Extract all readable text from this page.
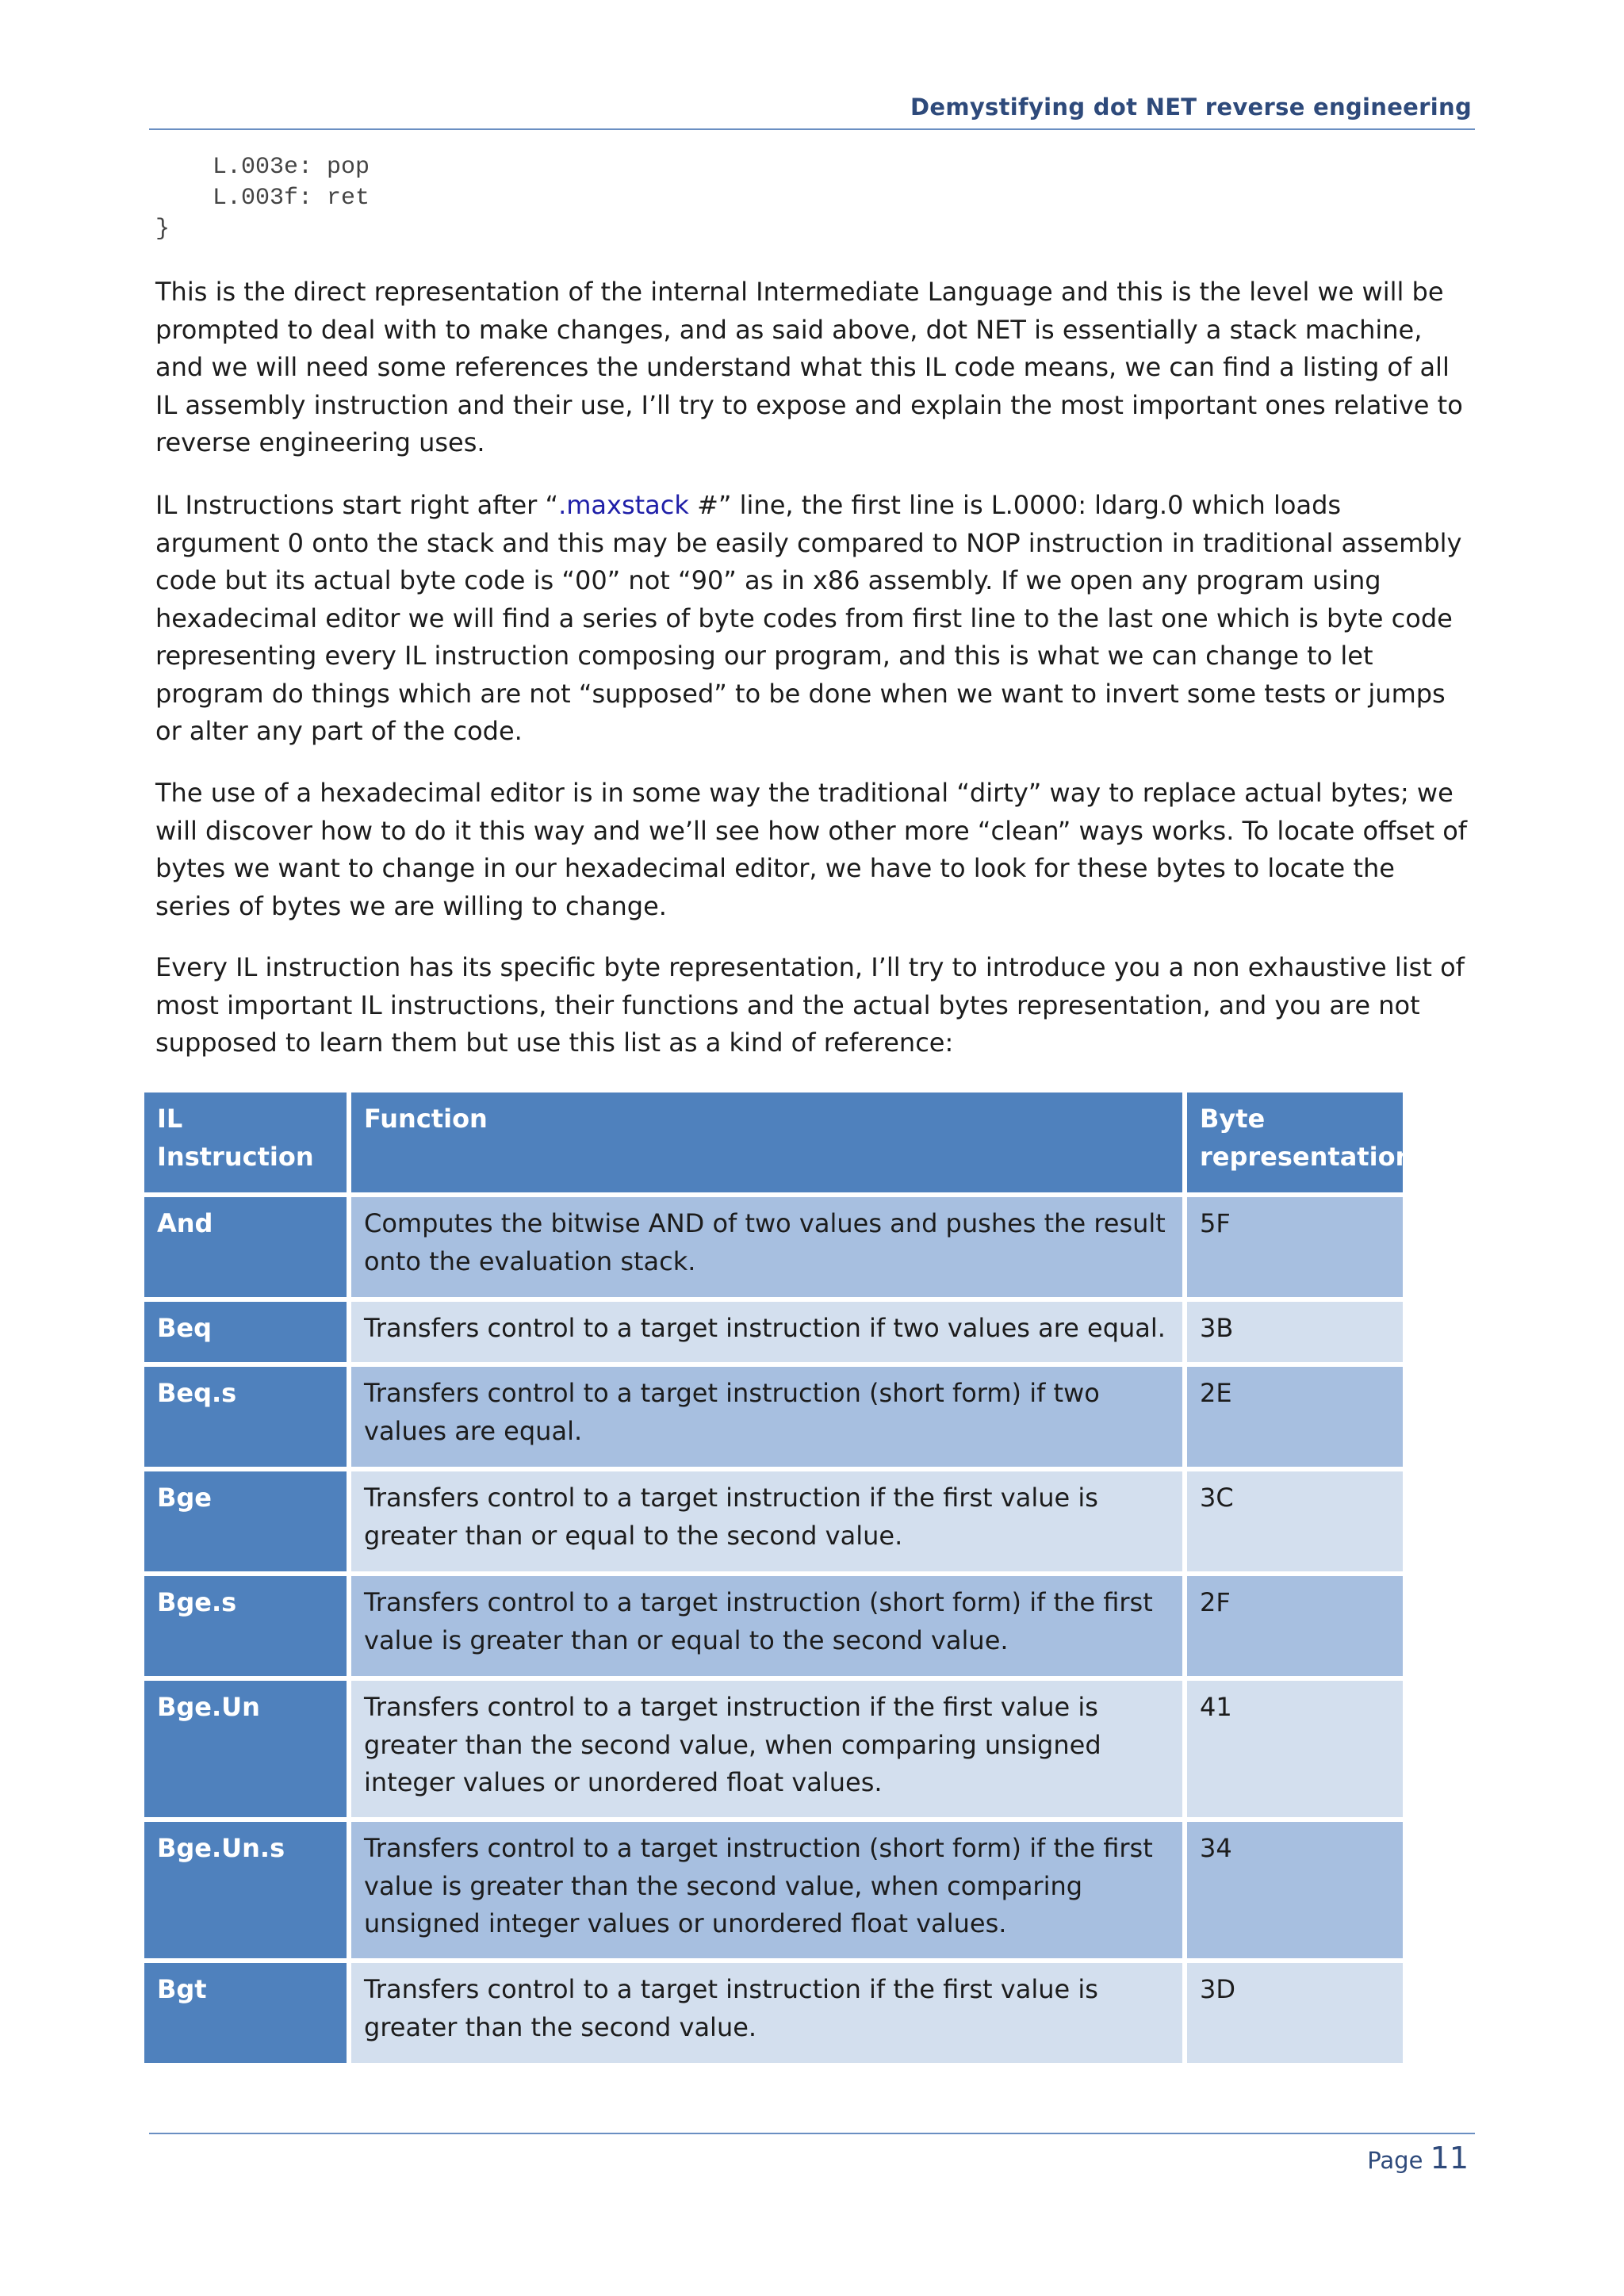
Demystifying dot NET reverse engineering
L.003e: pop
L.003f: ret
}

This is the direct representation of the internal Intermediate Language and this is the level we will be prompted to deal with to make changes, and as said above, dot NET is essentially a stack machine, and we will need some references the understand what this IL code means, we can find a listing of all IL assembly instruction and their use, I’ll try to expose and explain the most important ones relative to reverse engineering uses.

IL Instructions start right after “.maxstack #” line, the first line is L.0000: ldarg.0 which loads argument 0 onto the stack and this may be easily compared to NOP instruction in traditional assembly code but its actual byte code is “00” not “90” as in x86 assembly. If we open any program using hexadecimal editor we will find a series of byte codes from first line to the last one which is byte code representing every IL instruction composing our program, and this is what we can change to let program do things which are not “supposed” to be done when we want to invert some tests or jumps or alter any part of the code.

The use of a hexadecimal editor is in some way the traditional “dirty” way to replace actual bytes; we will discover how to do it this way and we’ll see how other more “clean” ways works. To locate offset of bytes we want to change in our hexadecimal editor, we have to look for these bytes to locate the series of bytes we are willing to change.

Every IL instruction has its specific byte representation, I’ll try to introduce you a non exhaustive list of most important IL instructions, their functions and the actual bytes representation, and you are not supposed to learn them but use this list as a kind of reference:

IL Instruction	Function	Byte representation
And	Computes the bitwise AND of two values and pushes the result onto the evaluation stack.	5F
Beq	Transfers control to a target instruction if two values are equal.	3B
Beq.s	Transfers control to a target instruction (short form) if two values are equal.	2E
Bge	Transfers control to a target instruction if the first value is greater than or equal to the second value.	3C
Bge.s	Transfers control to a target instruction (short form) if the first value is greater than or equal to the second value.	2F
Bge.Un	Transfers control to a target instruction if the first value is greater than the second value, when comparing unsigned integer values or unordered float values.	41
Bge.Un.s	Transfers control to a target instruction (short form) if the first value is greater than the second value, when comparing unsigned integer values or unordered float values.	34
Bgt	Transfers control to a target instruction if the first value is greater than the second value.	3D
Page 11
